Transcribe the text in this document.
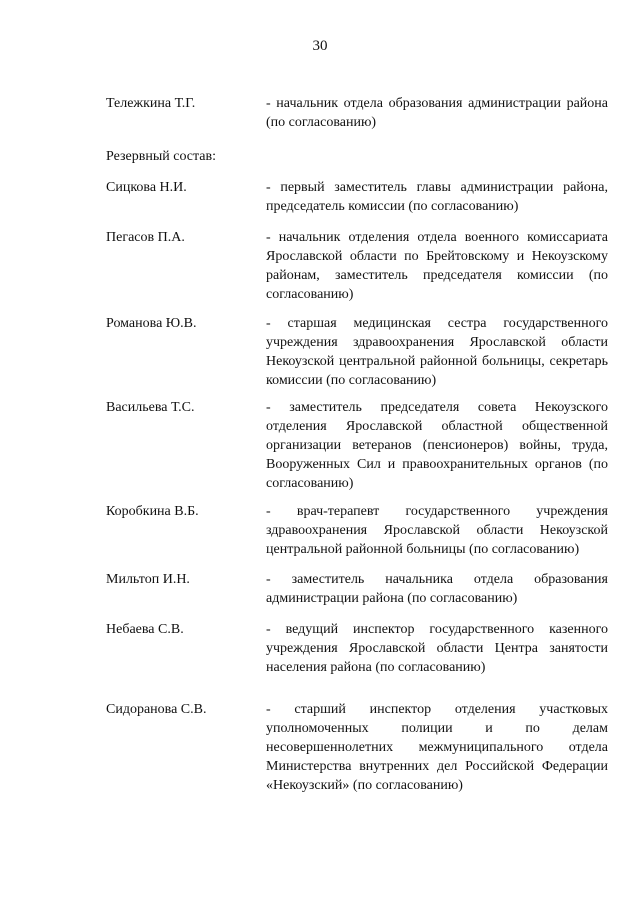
30
Тележкина Т.Г.	- начальник отдела образования администрации района (по согласованию)
Резервный состав:
Сицкова Н.И.	- первый заместитель главы администрации района, председатель комиссии (по согласованию)
Пегасов П.А.	- начальник отделения отдела военного комиссариата Ярославской области по Брейтовскому и Некоузскому районам, заместитель председателя комиссии (по согласованию)
Романова Ю.В.	- старшая медицинская сестра государственного учреждения здравоохранения Ярославской области Некоузской центральной районной больницы, секретарь комиссии (по согласованию)
Васильева Т.С.	- заместитель председателя совета Некоузского отделения Ярославской областной общественной организации ветеранов (пенсионеров) войны, труда, Вооруженных Сил и правоохранительных органов (по согласованию)
Коробкина В.Б.	- врач-терапевт государственного учреждения здравоохранения Ярославской области Некоузской центральной районной больницы (по согласованию)
Мильтоп И.Н.	- заместитель начальника отдела образования администрации района (по согласованию)
Небаева С.В.	- ведущий инспектор государственного казенного учреждения Ярославской области Центра занятости населения района (по согласованию)
Сидоранова С.В.	- старший инспектор отделения участковых уполномоченных полиции и по делам несовершеннолетних межмуниципального отдела Министерства внутренних дел Российской Федерации «Некоузский» (по согласованию)
